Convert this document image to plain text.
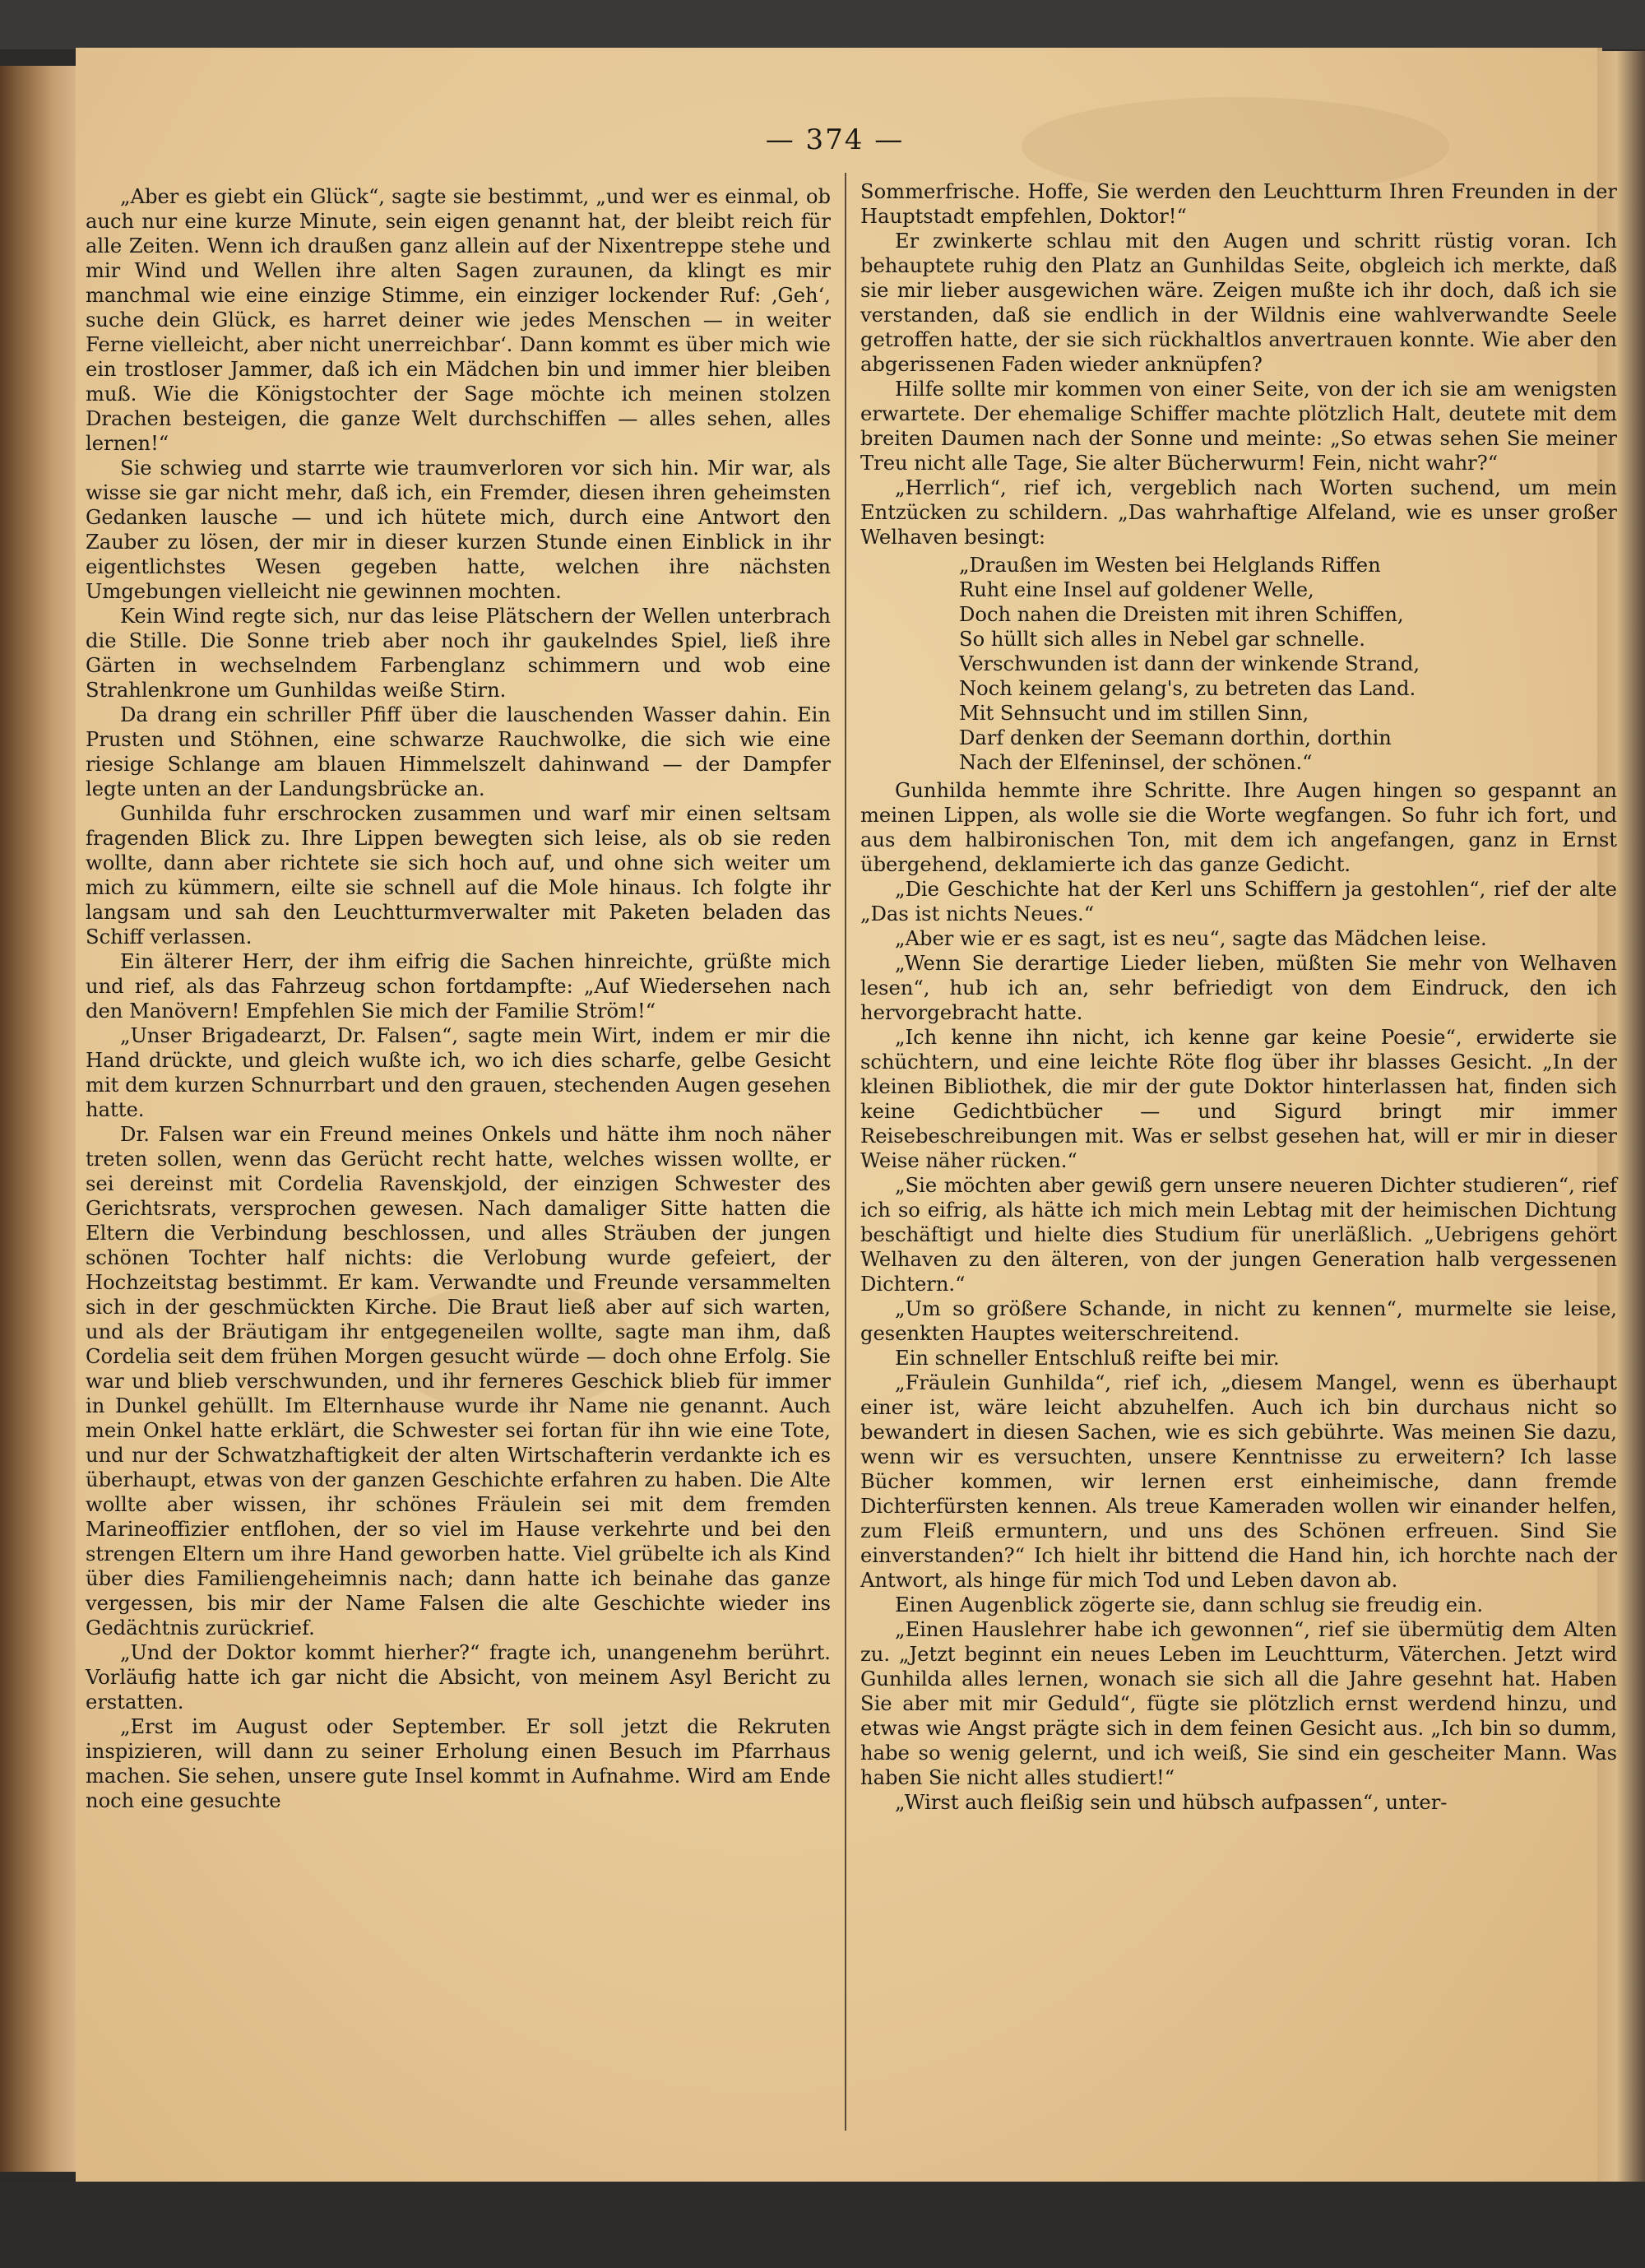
— 374 —

„Aber es giebt ein Glück“, sagte sie bestimmt, „und wer es einmal, ob auch nur eine kurze Minute, sein eigen genannt hat, der bleibt reich für alle Zeiten. Wenn ich draußen ganz allein auf der Nixentreppe stehe und mir Wind und Wellen ihre alten Sagen zuraunen, da klingt es mir manchmal wie eine einzige Stimme, ein einziger lockender Ruf: ‚Geh‘, suche dein Glück, es harret deiner wie jedes Menschen — in weiter Ferne vielleicht, aber nicht unerreichbar‘. Dann kommt es über mich wie ein trostloser Jammer, daß ich ein Mädchen bin und immer hier bleiben muß. Wie die Königstochter der Sage möchte ich meinen stolzen Drachen besteigen, die ganze Welt durchschiffen — alles sehen, alles lernen!“

Sie schwieg und starrte wie traumverloren vor sich hin. Mir war, als wisse sie gar nicht mehr, daß ich, ein Fremder, diesen ihren geheimsten Gedanken lausche — und ich hütete mich, durch eine Antwort den Zauber zu lösen, der mir in dieser kurzen Stunde einen Einblick in ihr eigentlichstes Wesen gegeben hatte, welchen ihre nächsten Umgebungen vielleicht nie gewinnen mochten.

Kein Wind regte sich, nur das leise Plätschern der Wellen unterbrach die Stille. Die Sonne trieb aber noch ihr gaukelndes Spiel, ließ ihre Gärten in wechselndem Farbenglanz schimmern und wob eine Strahlenkrone um Gunhildas weiße Stirn.

Da drang ein schriller Pfiff über die lauschenden Wasser dahin. Ein Prusten und Stöhnen, eine schwarze Rauchwolke, die sich wie eine riesige Schlange am blauen Himmelszelt dahinwand — der Dampfer legte unten an der Landungsbrücke an.

Gunhilda fuhr erschrocken zusammen und warf mir einen seltsam fragenden Blick zu. Ihre Lippen bewegten sich leise, als ob sie reden wollte, dann aber richtete sie sich hoch auf, und ohne sich weiter um mich zu kümmern, eilte sie schnell auf die Mole hinaus. Ich folgte ihr langsam und sah den Leuchtturmverwalter mit Paketen beladen das Schiff verlassen.

Ein älterer Herr, der ihm eifrig die Sachen hinreichte, grüßte mich und rief, als das Fahrzeug schon fortdampfte: „Auf Wiedersehen nach den Manövern! Empfehlen Sie mich der Familie Ström!“

„Unser Brigadearzt, Dr. Falsen“, sagte mein Wirt, indem er mir die Hand drückte, und gleich wußte ich, wo ich dies scharfe, gelbe Gesicht mit dem kurzen Schnurrbart und den grauen, stechenden Augen gesehen hatte.

Dr. Falsen war ein Freund meines Onkels und hätte ihm noch näher treten sollen, wenn das Gerücht recht hatte, welches wissen wollte, er sei dereinst mit Cordelia Ravenskjold, der einzigen Schwester des Gerichtsrats, versprochen gewesen. Nach damaliger Sitte hatten die Eltern die Verbindung beschlossen, und alles Sträuben der jungen schönen Tochter half nichts: die Verlobung wurde gefeiert, der Hochzeitstag bestimmt. Er kam. Verwandte und Freunde versammelten sich in der geschmückten Kirche. Die Braut ließ aber auf sich warten, und als der Bräutigam ihr entgegeneilen wollte, sagte man ihm, daß Cordelia seit dem frühen Morgen gesucht würde — doch ohne Erfolg. Sie war und blieb verschwunden, und ihr ferneres Geschick blieb für immer in Dunkel gehüllt. Im Elternhause wurde ihr Name nie genannt. Auch mein Onkel hatte erklärt, die Schwester sei fortan für ihn wie eine Tote, und nur der Schwatzhaftigkeit der alten Wirtschafterin verdankte ich es überhaupt, etwas von der ganzen Geschichte erfahren zu haben. Die Alte wollte aber wissen, ihr schönes Fräulein sei mit dem fremden Marineoffizier entflohen, der so viel im Hause verkehrte und bei den strengen Eltern um ihre Hand geworben hatte. Viel grübelte ich als Kind über dies Familiengeheimnis nach; dann hatte ich beinahe das ganze vergessen, bis mir der Name Falsen die alte Geschichte wieder ins Gedächtnis zurückrief.

„Und der Doktor kommt hierher?“ fragte ich, unangenehm berührt. Vorläufig hatte ich gar nicht die Absicht, von meinem Asyl Bericht zu erstatten.

„Erst im August oder September. Er soll jetzt die Rekruten inspizieren, will dann zu seiner Erholung einen Besuch im Pfarrhaus machen. Sie sehen, unsere gute Insel kommt in Aufnahme. Wird am Ende noch eine gesuchte

Sommerfrische. Hoffe, Sie werden den Leuchtturm Ihren Freunden in der Hauptstadt empfehlen, Doktor!“

Er zwinkerte schlau mit den Augen und schritt rüstig voran. Ich behauptete ruhig den Platz an Gunhildas Seite, obgleich ich merkte, daß sie mir lieber ausgewichen wäre. Zeigen mußte ich ihr doch, daß ich sie verstanden, daß sie endlich in der Wildnis eine wahlverwandte Seele getroffen hatte, der sie sich rückhaltlos anvertrauen konnte. Wie aber den abgerissenen Faden wieder anknüpfen?

Hilfe sollte mir kommen von einer Seite, von der ich sie am wenigsten erwartete. Der ehemalige Schiffer machte plötzlich Halt, deutete mit dem breiten Daumen nach der Sonne und meinte: „So etwas sehen Sie meiner Treu nicht alle Tage, Sie alter Bücherwurm! Fein, nicht wahr?“

„Herrlich“, rief ich, vergeblich nach Worten suchend, um mein Entzücken zu schildern. „Das wahrhaftige Alfeland, wie es unser großer Welhaven besingt:

„Draußen im Westen bei Helglands Riffen
Ruht eine Insel auf goldener Welle,
Doch nahen die Dreisten mit ihren Schiffen,
So hüllt sich alles in Nebel gar schnelle.
Verschwunden ist dann der winkende Strand,
Noch keinem gelang's, zu betreten das Land.
Mit Sehnsucht und im stillen Sinn,
Darf denken der Seemann dorthin, dorthin
Nach der Elfeninsel, der schönen.“

Gunhilda hemmte ihre Schritte. Ihre Augen hingen so gespannt an meinen Lippen, als wolle sie die Worte wegfangen. So fuhr ich fort, und aus dem halbironischen Ton, mit dem ich angefangen, ganz in Ernst übergehend, deklamierte ich das ganze Gedicht.

„Die Geschichte hat der Kerl uns Schiffern ja gestohlen“, rief der alte „Das ist nichts Neues.“

„Aber wie er es sagt, ist es neu“, sagte das Mädchen leise.

„Wenn Sie derartige Lieder lieben, müßten Sie mehr von Welhaven lesen“, hub ich an, sehr befriedigt von dem Eindruck, den ich hervorgebracht hatte.

„Ich kenne ihn nicht, ich kenne gar keine Poesie“, erwiderte sie schüchtern, und eine leichte Röte flog über ihr blasses Gesicht. „In der kleinen Bibliothek, die mir der gute Doktor hinterlassen hat, finden sich keine Gedichtbücher — und Sigurd bringt mir immer Reisebeschreibungen mit. Was er selbst gesehen hat, will er mir in dieser Weise näher rücken.“

„Sie möchten aber gewiß gern unsere neueren Dichter studieren“, rief ich so eifrig, als hätte ich mich mein Lebtag mit der heimischen Dichtung beschäftigt und hielte dies Studium für unerläßlich. „Uebrigens gehört Welhaven zu den älteren, von der jungen Generation halb vergessenen Dichtern.“

„Um so größere Schande, in nicht zu kennen“, murmelte sie leise, gesenkten Hauptes weiterschreitend.

Ein schneller Entschluß reifte bei mir.

„Fräulein Gunhilda“, rief ich, „diesem Mangel, wenn es überhaupt einer ist, wäre leicht abzuhelfen. Auch ich bin durchaus nicht so bewandert in diesen Sachen, wie es sich gebührte. Was meinen Sie dazu, wenn wir es versuchten, unsere Kenntnisse zu erweitern? Ich lasse Bücher kommen, wir lernen erst einheimische, dann fremde Dichterfürsten kennen. Als treue Kameraden wollen wir einander helfen, zum Fleiß ermuntern, und uns des Schönen erfreuen. Sind Sie einverstanden?“ Ich hielt ihr bittend die Hand hin, ich horchte nach der Antwort, als hinge für mich Tod und Leben davon ab.

Einen Augenblick zögerte sie, dann schlug sie freudig ein.

„Einen Hauslehrer habe ich gewonnen“, rief sie übermütig dem Alten zu. „Jetzt beginnt ein neues Leben im Leuchtturm, Väterchen. Jetzt wird Gunhilda alles lernen, wonach sie sich all die Jahre gesehnt hat. Haben Sie aber mit mir Geduld“, fügte sie plötzlich ernst werdend hinzu, und etwas wie Angst prägte sich in dem feinen Gesicht aus. „Ich bin so dumm, habe so wenig gelernt, und ich weiß, Sie sind ein gescheiter Mann. Was haben Sie nicht alles studiert!“

„Wirst auch fleißig sein und hübsch aufpassen“, unter-
